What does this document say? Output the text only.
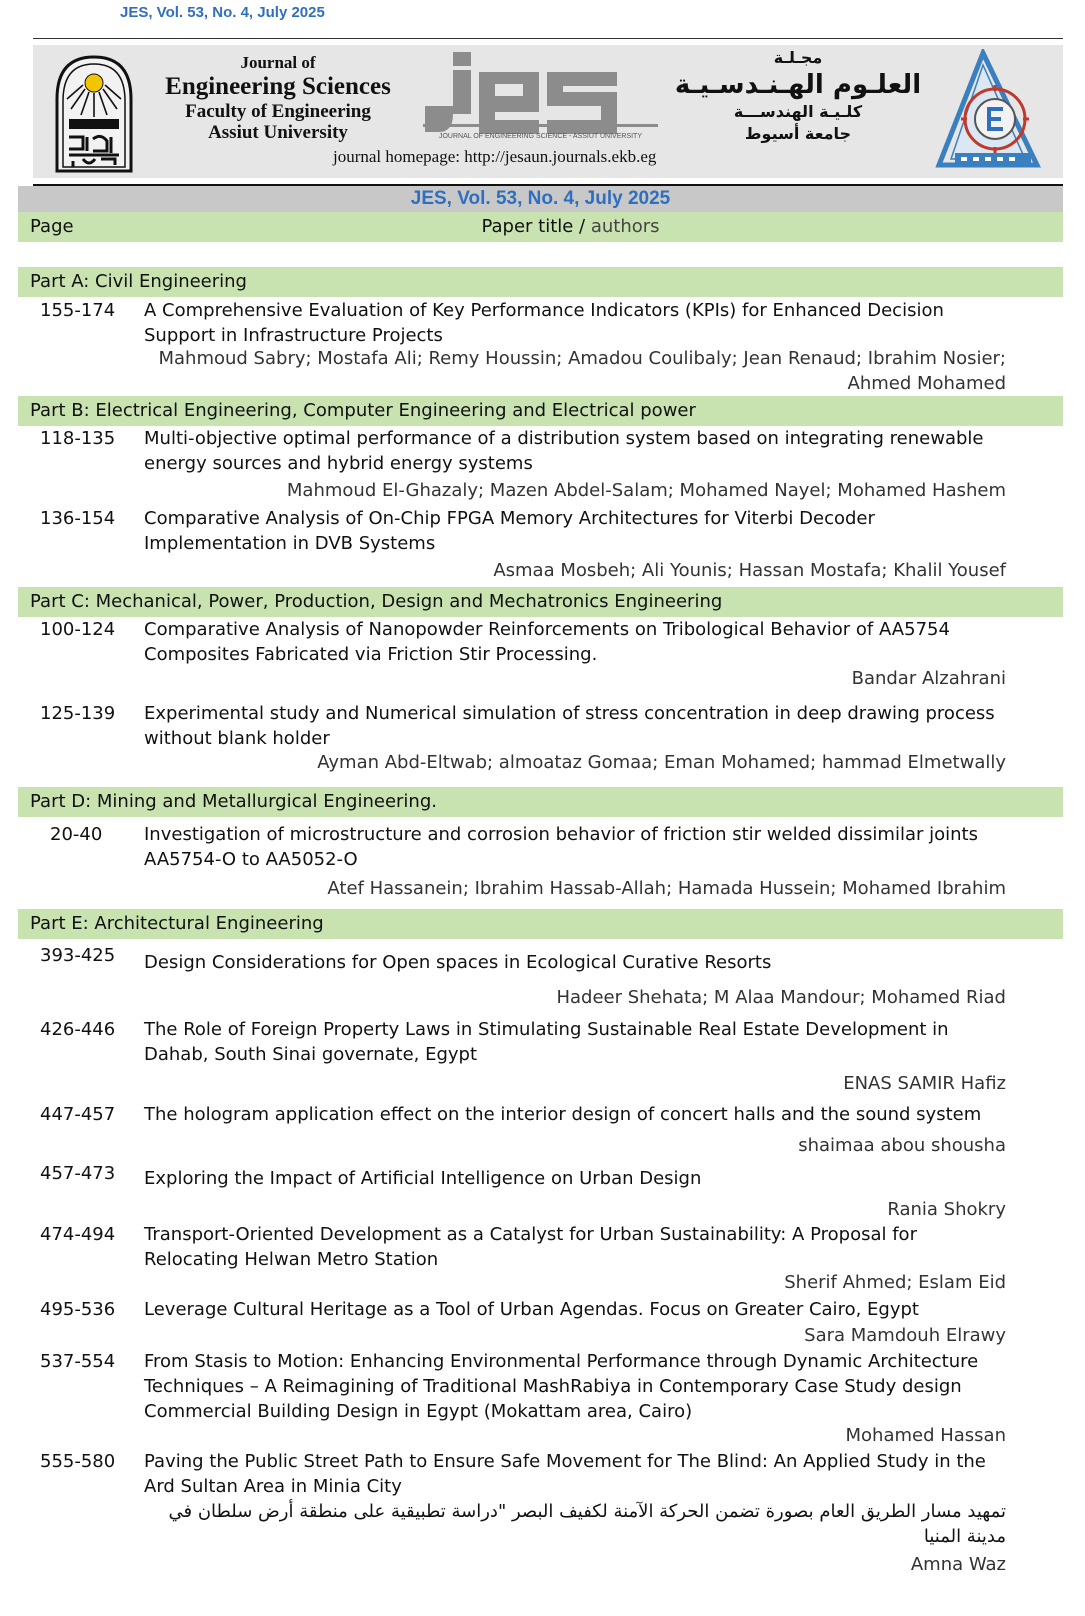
JES, Vol. 53, No. 4, July 2025
Journal of
Engineering Sciences
Faculty of Engineering
Assiut University	JOURNAL OF ENGINEERING SCIENCE - ASSIUT UNIVERSITY
مجـلـة
العلـوم الهـنـدسـيـة
كلـيـة الهندســـة
جامعة أسيوط
journal homepage: http://jesaun.journals.ekb.eg
JES, Vol. 53, No. 4, July 2025
Page	Paper title / authors
Part A: Civil Engineering
155-174 A Comprehensive Evaluation of Key Performance Indicators (KPIs) for Enhanced Decision Support in Infrastructure Projects
Mahmoud Sabry; Mostafa Ali; Remy Houssin; Amadou Coulibaly; Jean Renaud; Ibrahim Nosier; Ahmed Mohamed
Part B: Electrical Engineering, Computer Engineering and Electrical power
118-135 Multi-objective optimal performance of a distribution system based on integrating renewable energy sources and hybrid energy systems
Mahmoud El-Ghazaly; Mazen Abdel-Salam; Mohamed Nayel; Mohamed Hashem
136-154 Comparative Analysis of On-Chip FPGA Memory Architectures for Viterbi Decoder Implementation in DVB Systems
Asmaa Mosbeh; Ali Younis; Hassan Mostafa; Khalil Yousef
Part C: Mechanical, Power, Production, Design and Mechatronics Engineering
100-124 Comparative Analysis of Nanopowder Reinforcements on Tribological Behavior of AA5754 Composites Fabricated via Friction Stir Processing.
Bandar Alzahrani
125-139 Experimental study and Numerical simulation of stress concentration in deep drawing process without blank holder
Ayman Abd-Eltwab; almoataz Gomaa; Eman Mohamed; hammad Elmetwally
Part D: Mining and Metallurgical Engineering.
20-40 Investigation of microstructure and corrosion behavior of friction stir welded dissimilar joints AA5754-O to AA5052-O
Atef Hassanein; Ibrahim Hassab-Allah; Hamada Hussein; Mohamed Ibrahim
Part E: Architectural Engineering
393-425 Design Considerations for Open spaces in Ecological Curative Resorts
Hadeer Shehata; M Alaa Mandour; Mohamed Riad
426-446 The Role of Foreign Property Laws in Stimulating Sustainable Real Estate Development in Dahab, South Sinai governate, Egypt
ENAS SAMIR Hafiz
447-457 The hologram application effect on the interior design of concert halls and the sound system
shaimaa abou shousha
457-473 Exploring the Impact of Artificial Intelligence on Urban Design
Rania Shokry
474-494 Transport-Oriented Development as a Catalyst for Urban Sustainability: A Proposal for Relocating Helwan Metro Station
Sherif Ahmed; Eslam Eid
495-536 Leverage Cultural Heritage as a Tool of Urban Agendas. Focus on Greater Cairo, Egypt
Sara Mamdouh Elrawy
537-554 From Stasis to Motion: Enhancing Environmental Performance through Dynamic Architecture Techniques – A Reimagining of Traditional MashRabiya in Contemporary Case Study design Commercial Building Design in Egypt (Mokattam area, Cairo)
Mohamed Hassan
555-580 Paving the Public Street Path to Ensure Safe Movement for The Blind: An Applied Study in the Ard Sultan Area in Minia City
تمهيد مسار الطريق العام بصورة تضمن الحركة الآمنة لكفيف البصر "دراسة تطبيقية على منطقة أرض سلطان في مدينة المنيا
Amna Waz
